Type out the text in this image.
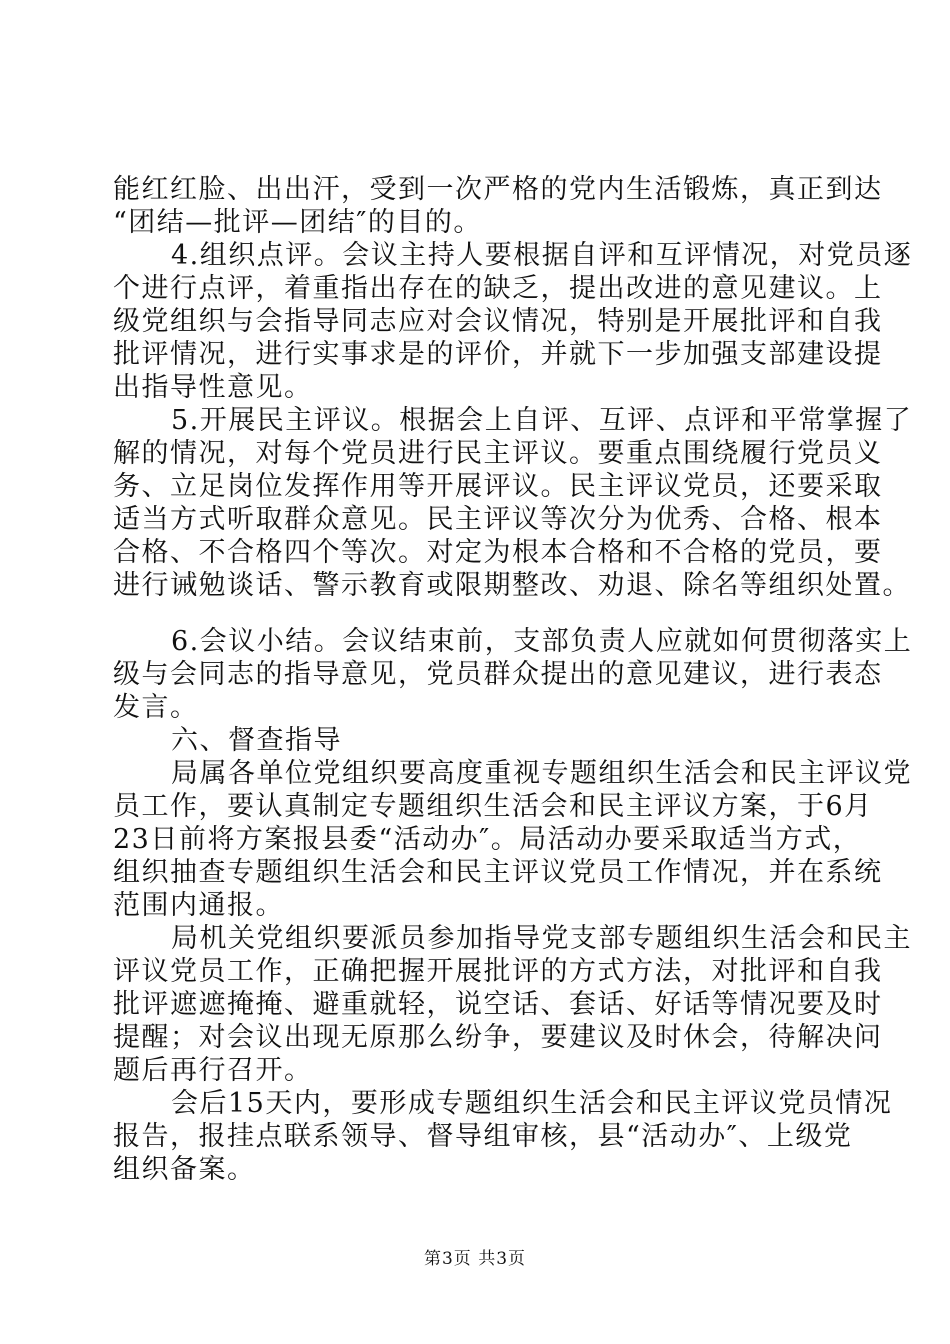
能红红脸、出出汗，受到一次严格的党内生活锻炼，真正到达
“团结—批评—团结″的目的。
4.组织点评。会议主持人要根据自评和互评情况，对党员逐
个进行点评，着重指出存在的缺乏，提出改进的意见建议。上
级党组织与会指导同志应对会议情况，特别是开展批评和自我
批评情况，进行实事求是的评价，并就下一步加强支部建设提
出指导性意见。
5.开展民主评议。根据会上自评、互评、点评和平常掌握了
解的情况，对每个党员进行民主评议。要重点围绕履行党员义
务、立足岗位发挥作用等开展评议。民主评议党员，还要采取
适当方式听取群众意见。民主评议等次分为优秀、合格、根本
合格、不合格四个等次。对定为根本合格和不合格的党员，要
进行诫勉谈话、警示教育或限期整改、劝退、除名等组织处置。
6.会议小结。会议结束前，支部负责人应就如何贯彻落实上
级与会同志的指导意见，党员群众提出的意见建议，进行表态
发言。
六、督查指导
局属各单位党组织要高度重视专题组织生活会和民主评议党
员工作，要认真制定专题组织生活会和民主评议方案，于6月
23日前将方案报县委“活动办″。局活动办要采取适当方式，
组织抽查专题组织生活会和民主评议党员工作情况，并在系统
范围内通报。
局机关党组织要派员参加指导党支部专题组织生活会和民主
评议党员工作，正确把握开展批评的方式方法，对批评和自我
批评遮遮掩掩、避重就轻，说空话、套话、好话等情况要及时
提醒；对会议出现无原那么纷争，要建议及时休会，待解决问
题后再行召开。
会后15天内，要形成专题组织生活会和民主评议党员情况
报告，报挂点联系领导、督导组审核，县“活动办″、上级党
组织备案。
第3页 共3页
